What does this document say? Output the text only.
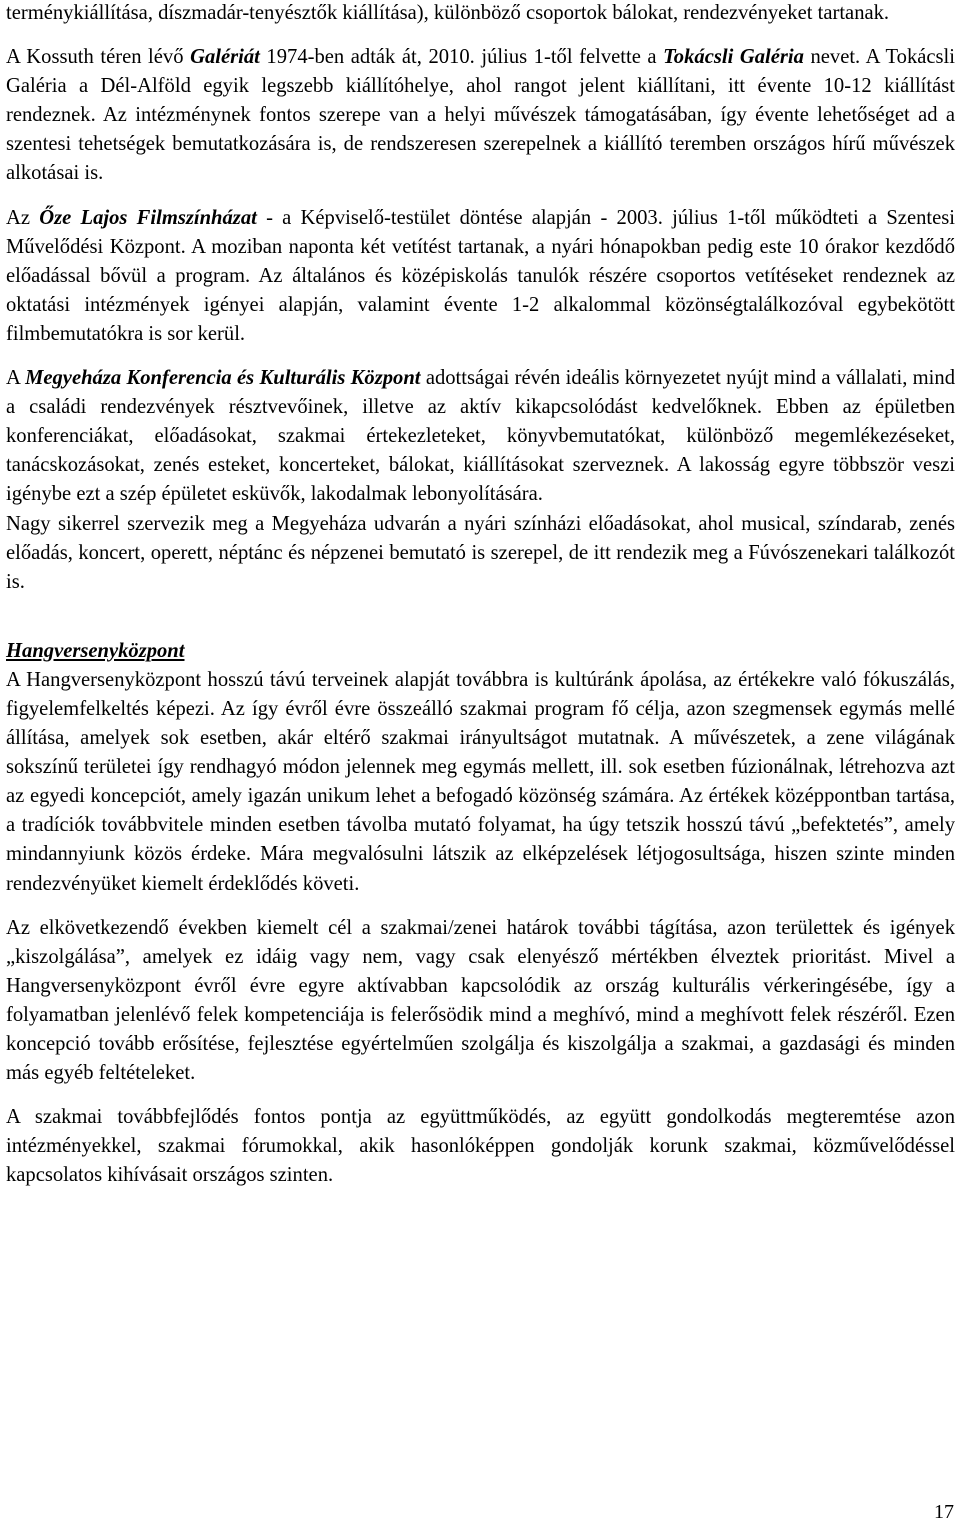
terménykiállítása, díszmadár-tenyésztők kiállítása), különböző csoportok bálokat, rendezvényeket tartanak.

A Kossuth téren lévő Galériát 1974-ben adták át, 2010. július 1-től felvette a Tokácsli Galéria nevet. A Tokácsli Galéria a Dél-Alföld egyik legszebb kiállítóhelye, ahol rangot jelent kiállítani, itt évente 10-12 kiállítást rendeznek. Az intézménynek fontos szerepe van a helyi művészek támogatásában, így évente lehetőséget ad a szentesi tehetségek bemutatkozására is, de rendszeresen szerepelnek a kiállító teremben országos hírű művészek alkotásai is.

Az Őze Lajos Filmszínházat - a Képviselő-testület döntése alapján - 2003. július 1-től működteti a Szentesi Művelődési Központ. A moziban naponta két vetítést tartanak, a nyári hónapokban pedig este 10 órakor kezdődő előadással bővül a program. Az általános és középiskolás tanulók részére csoportos vetítéseket rendeznek az oktatási intézmények igényei alapján, valamint évente 1-2 alkalommal közönségtalálkozóval egybekötött filmbemutatókra is sor kerül.

A Megyeháza Konferencia és Kulturális Központ adottságai révén ideális környezetet nyújt mind a vállalati, mind a családi rendezvények résztvevőinek, illetve az aktív kikapcsolódást kedvelőknek. Ebben az épületben konferenciákat, előadásokat, szakmai értekezleteket, könyvbemutatókat, különböző megemlékezéseket, tanácskozásokat, zenés esteket, koncerteket, bálokat, kiállításokat szerveznek. A lakosság egyre többször veszi igénybe ezt a szép épületet esküvők, lakodalmak lebonyolítására.

Nagy sikerrel szervezik meg a Megyeháza udvarán a nyári színházi előadásokat, ahol musical, színdarab, zenés előadás, koncert, operett, néptánc és népzenei bemutató is szerepel, de itt rendezik meg a Fúvószenekari találkozót is.

Hangversenyközpont

A Hangversenyközpont hosszú távú terveinek alapját továbbra is kultúránk ápolása, az értékekre való fókuszálás, figyelemfelkeltés képezi. Az így évről évre összeálló szakmai program fő célja, azon szegmensek egymás mellé állítása, amelyek sok esetben, akár eltérő szakmai irányultságot mutatnak. A művészetek, a zene világának sokszínű területei így rendhagyó módon jelennek meg egymás mellett, ill. sok esetben fúzionálnak, létrehozva azt az egyedi koncepciót, amely igazán unikum lehet a befogadó közönség számára. Az értékek középpontban tartása, a tradíciók továbbvitele minden esetben távolba mutató folyamat, ha úgy tetszik hosszú távú „befektetés”, amely mindannyiunk közös érdeke. Mára megvalósulni látszik az elképzelések létjogosultsága, hiszen szinte minden rendezvényüket kiemelt érdeklődés követi.

Az elkövetkezendő években kiemelt cél a szakmai/zenei határok további tágítása, azon területtek és igények „kiszolgálása”, amelyek ez idáig vagy nem, vagy csak elenyésző mértékben élveztek prioritást. Mivel a Hangversenyközpont évről évre egyre aktívabban kapcsolódik az ország kulturális vérkeringésébe, így a folyamatban jelenlévő felek kompetenciája is felerősödik mind a meghívó, mind a meghívott felek részéről. Ezen koncepció tovább erősítése, fejlesztése egyértelműen szolgálja és kiszolgálja a szakmai, a gazdasági és minden más egyéb feltételeket.

A szakmai továbbfejlődés fontos pontja az együttműködés, az együtt gondolkodás megteremtése azon intézményekkel, szakmai fórumokkal, akik hasonlóképpen gondolják korunk szakmai, közművelődéssel kapcsolatos kihívásait országos szinten.

17
